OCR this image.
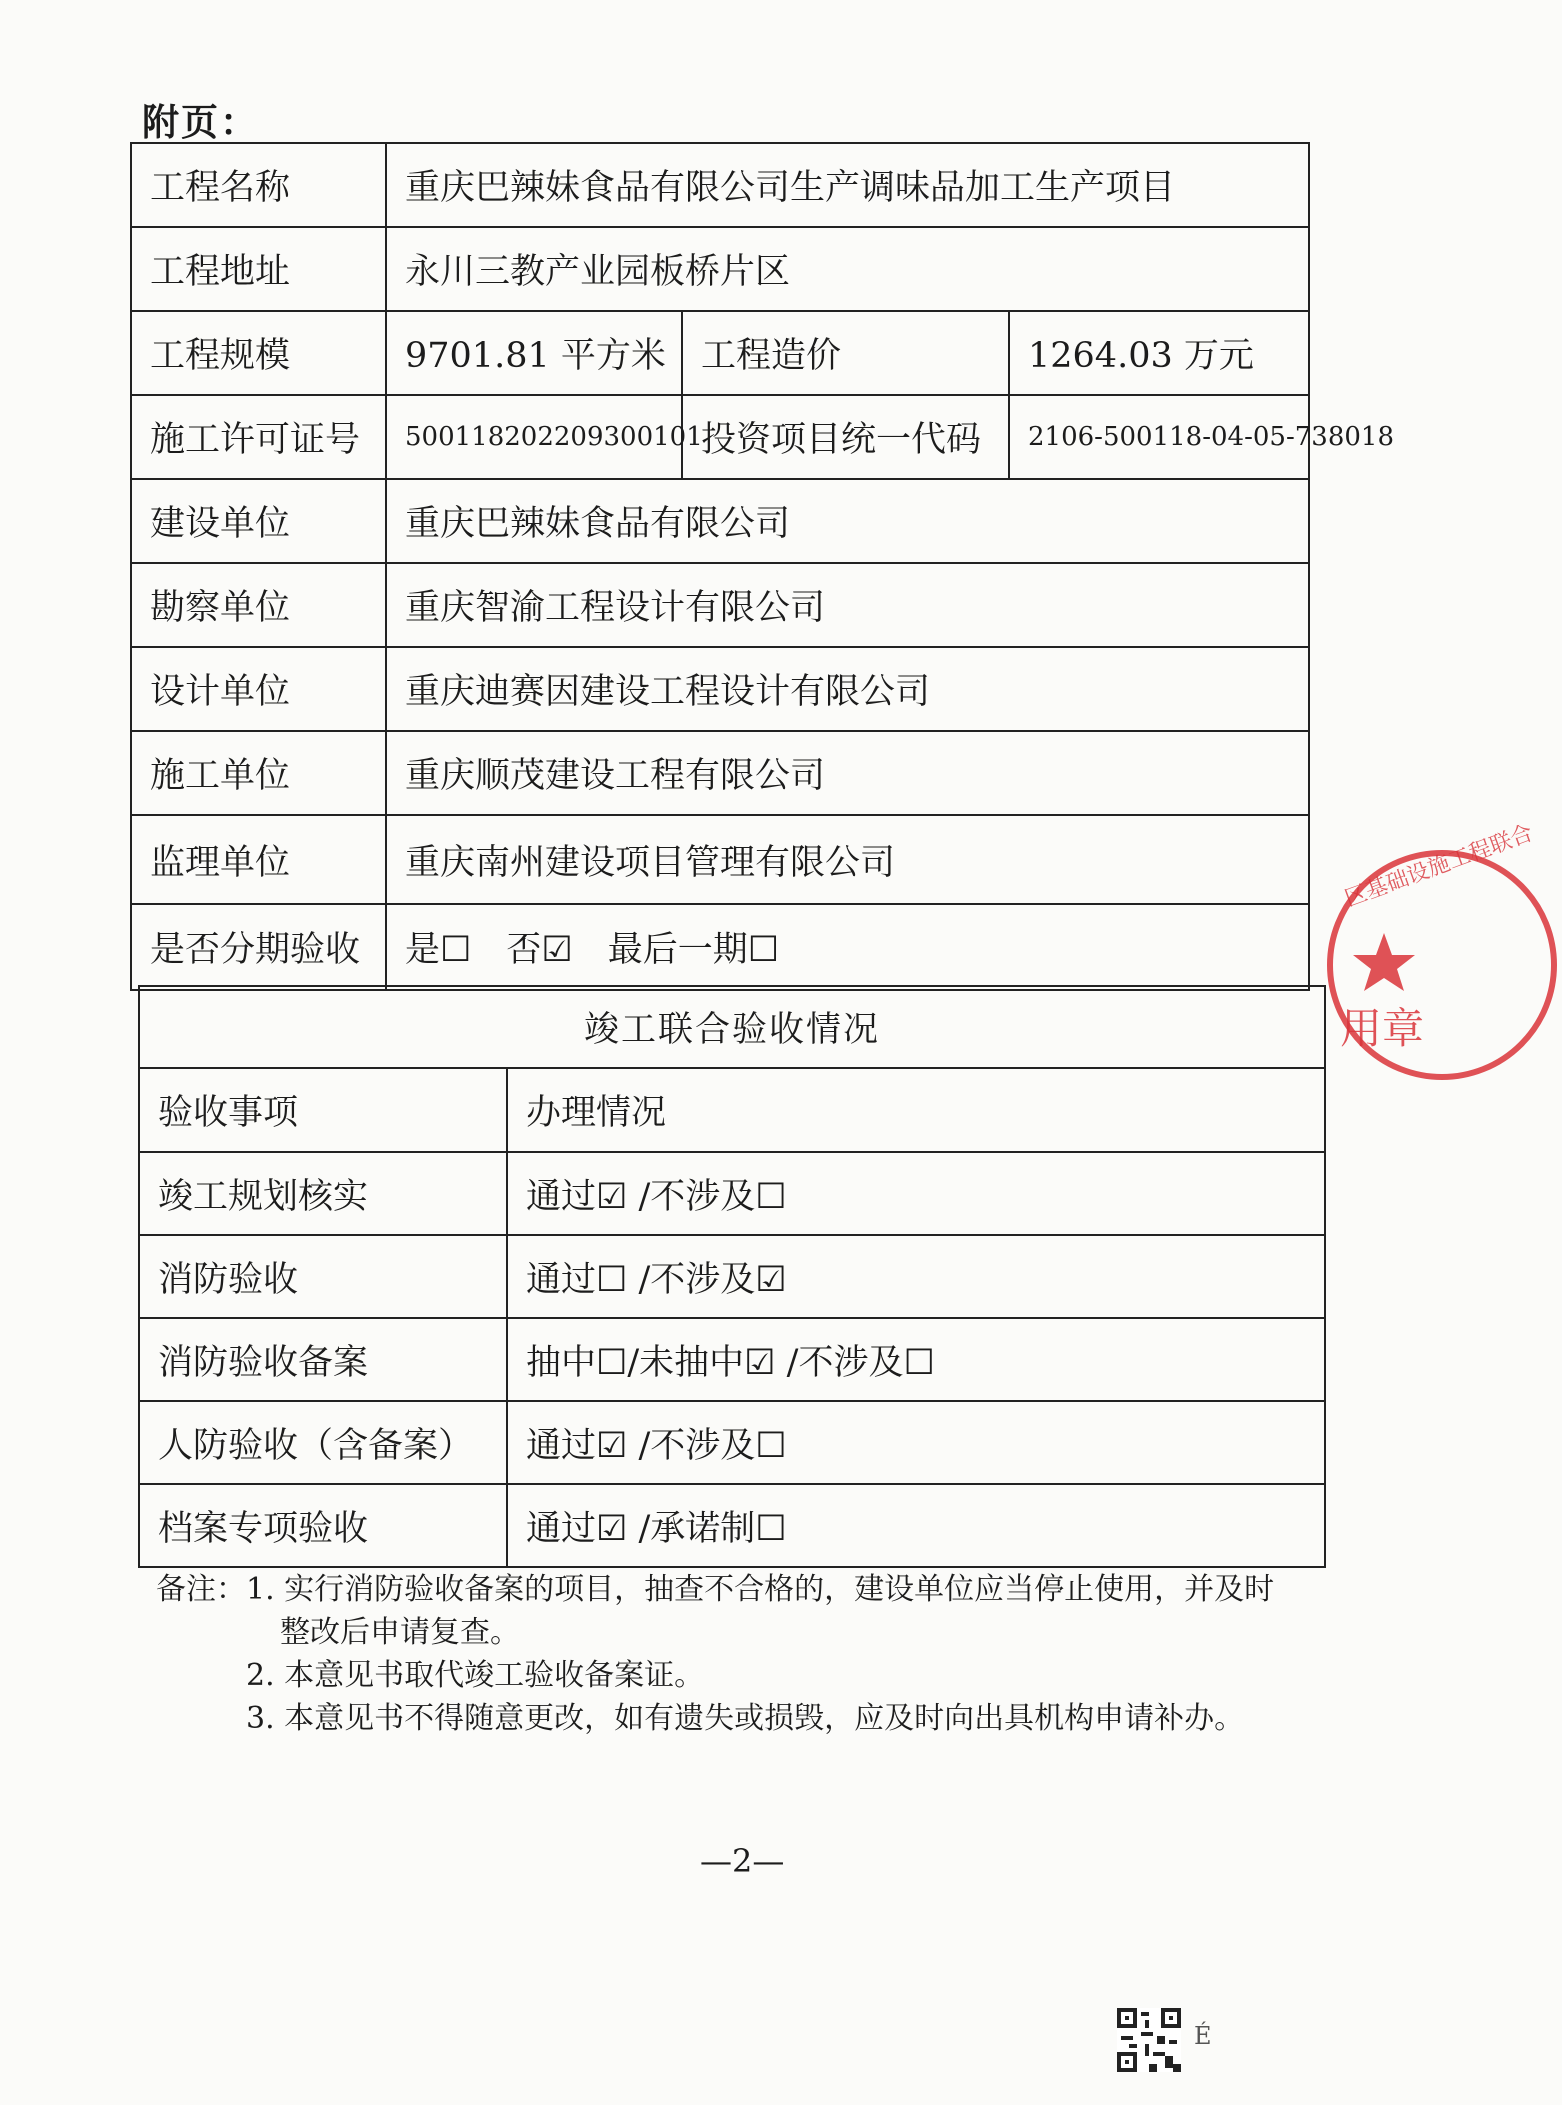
附页：
工程名称	重庆巴辣妹食品有限公司生产调味品加工生产项目		
工程地址	永川三教产业园板桥片区		
工程规模	9701.81 平方米	工程造价	1264.03 万元
施工许可证号	500118202209300101	投资项目统一代码	2106-500118-04-05-738018
建设单位	重庆巴辣妹食品有限公司		
勘察单位	重庆智渝工程设计有限公司		
设计单位	重庆迪赛因建设工程设计有限公司		
施工单位	重庆顺茂建设工程有限公司		
监理单位	重庆南州建设项目管理有限公司		
是否分期验收	是☐　否☑　最后一期☐		
竣工联合验收情况	
验收事项	办理情况
竣工规划核实	通过☑ /不涉及☐
消防验收	通过☐ /不涉及☑
消防验收备案	抽中☐/未抽中☑ /不涉及☐
人防验收（含备案）	通过☑ /不涉及☐
档案专项验收	通过☑ /承诺制☐
备注：1. 实行消防验收备案的项目，抽查不合格的，建设单位应当停止使用，并及时
整改后申请复查。
2. 本意见书取代竣工验收备案证。
3. 本意见书不得随意更改，如有遗失或损毁，应及时向出具机构申请补办。
—2—
区基础设施工程联合
用章
É
